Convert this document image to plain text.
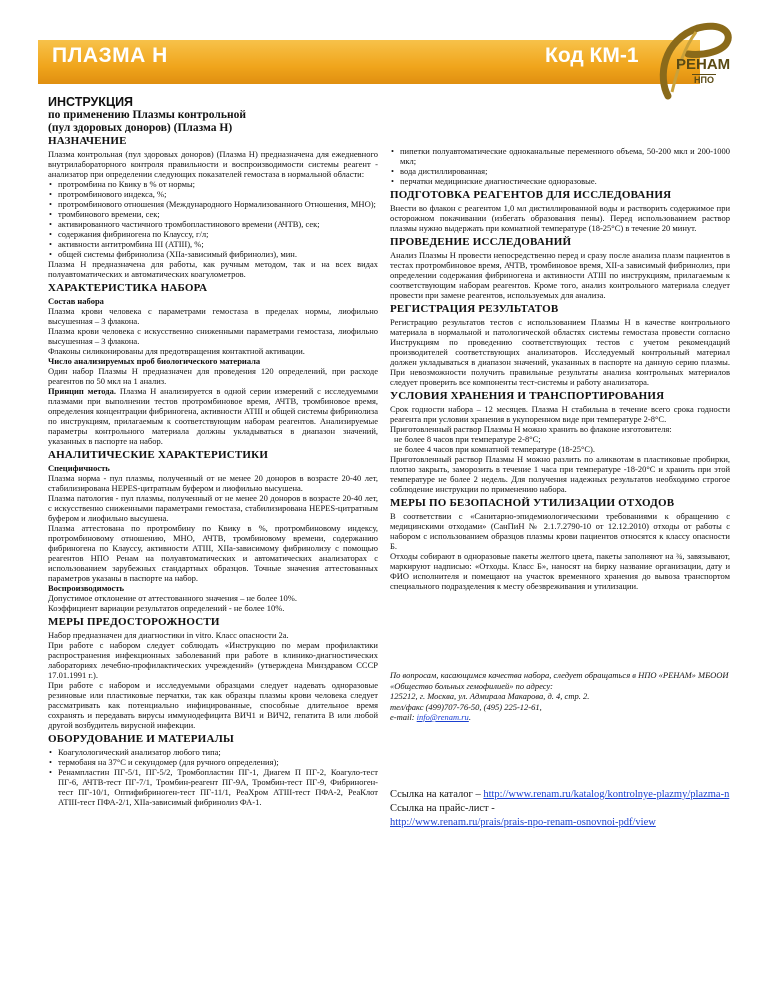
ПЛАЗМА Н	Код КМ-1 РЕНАМ
НПО
ИНСТРУКЦИЯ
по применению Плазмы контрольной
(пул здоровых доноров) (Плазма Н)
НАЗНАЧЕНИЕ

Плазма контрольная (пул здоровых доноров) (Плазма Н) предназначена для ежедневного внутрилабораторного контроля правильности и воспроизводимости системы реагент - анализатор при определении следующих показателей гемостаза в нормальной области:

• протромбина по Квику в % от нормы;
• протромбинового индекса, %;
• протромбинового отношения (Международного Нормализованного Отношения, МНО);
• тромбинового времени, сек;
• активированного частичного тромбопластинового времени (АЧТВ), сек;
• содержания фибриногена по Клауссу, г/л;
• активности антитромбина III (АТIII), %;
• общей системы фибринолиза (XIIа-зависимый фибринолиз), мин.

Плазма Н предназначена для работы, как ручным методом, так и на всех видах полуавтоматических и автоматических коагулометров.

ХАРАКТЕРИСТИКА НАБОРА

Состав набора

Плазма крови человека с параметрами гемостаза в пределах нормы, лиофильно высушенная – 3 флакона.

Плазма крови человека с искусственно сниженными параметрами гемостаза, лиофильно высушенная – 3 флакона.

Флаконы силиконированы для предотвращения контактной активации.

Число анализируемых проб биологического материала

Один набор Плазмы Н предназначен для проведения 120 определений, при расходе реагентов по 50 мкл на 1 анализ.

Принцип метода. Плазма Н анализируется в одной серии измерений с исследуемыми плазмами при выполнении тестов протромбиновое время, АЧТВ, тромбиновое время, определения концентрации фибриногена, активности АТIII и общей системы фибринолиза по инструкциям, прилагаемым к соответствующим наборам реагентов. Анализируемые параметры контрольного материала должны укладываться в диапазон значений, указанных в паспорте на набор.

АНАЛИТИЧЕСКИЕ ХАРАКТЕРИСТИКИ

Специфичность

Плазма норма - пул плазмы, полученный от не менее 20 доноров в возрасте 20-40 лет, стабилизирована HEPES-цитратным буфером и лиофильно высушена.

Плазма патология - пул плазмы, полученный от не менее 20 доноров в возрасте 20-40 лет, с искусственно сниженными параметрами гемостаза, стабилизирована HEPES-цитратным буфером и лиофильно высушена.

Плазма аттестована по протромбину по Квику в %, протромбиновому индексу, протромбиновому отношению, МНО, АЧТВ, тромбиновому времени, содержанию фибриногена по Клауссу, активности АТIII, XIIа-зависимому фибринолизу с помощью реагентов НПО Ренам на полуавтоматических и автоматических анализаторах с использованием зарубежных стандартных образцов. Точные значения аттестованных параметров указаны в паспорте на набор.

Воспроизводимость

Допустимое отклонение от аттестованного значения – не более 10%.

Коэффициент вариации результатов определений - не более 10%.

МЕРЫ ПРЕДОСТОРОЖНОСТИ

Набор предназначен для диагностики in vitro. Класс опасности 2а.

При работе с набором следует соблюдать «Инструкцию по мерам профилактики распространения инфекционных заболеваний при работе в клинико-диагностических лабораториях лечебно-профилактических учреждений» (утверждена Минздравом СССР 17.01.1991 г.).

При работе с набором и исследуемыми образцами следует надевать одноразовые резиновые или пластиковые перчатки, так как образцы плазмы крови человека следует рассматривать как потенциально инфицированные, способные длительное время сохранять и передавать вирусы иммунодефицита ВИЧ1 и ВИЧ2, гепатита В или любой другой возбудитель вирусной инфекции.

ОБОРУДОВАНИЕ И МАТЕРИАЛЫ
• Коагулологический анализатор любого типа;
• термобаня на 37°С и секундомер (для ручного определения);
• Ренампластин ПГ-5/1, ПГ-5/2, Тромбопластин ПГ-1, Диагем П ПГ-2, Коагуло-тест ПГ-6, АЧТВ-тест ПГ-7/1, Тромбин-реагент ПГ-9А, Тромбин-тест ПГ-9, Фибриноген-тест ПГ-10/1, Оптифибриноген-тест ПГ-11/1, РеаХром АТIII-тест ПФА-2, РеаКлот АТIII-тест ПФА-2/1, XIIа-зависимый фибринолиз ФА-1.
• пипетки полуавтоматические одноканальные переменного объема, 50-200 мкл и 200-1000 мкл;
• вода дистиллированная;
• перчатки медицинские диагностические одноразовые.
ПОДГОТОВКА РЕАГЕНТОВ ДЛЯ ИССЛЕДОВАНИЯ

Внести во флакон с реагентом 1,0 мл дистиллированной воды и растворить содержимое при осторожном покачивании (избегать образования пены). Перед использованием раствор плазмы нужно выдержать при комнатной температуре (18-25°С) в течение 20 минут.

ПРОВЕДЕНИЕ ИССЛЕДОВАНИЙ

Анализ Плазмы Н провести непосредственно перед и сразу после анализа плазм пациентов в тестах протромбиновое время, АЧТВ, тромбиновое время, XII-а зависимый фибринолиз, при определении содержания фибриногена и активности АТIII по инструкциям, прилагаемым к соответствующим наборам реагентов. Кроме того, анализ контрольного материала следует провести при замене реагентов, используемых для анализа.

РЕГИСТРАЦИЯ РЕЗУЛЬТАТОВ

Регистрацию результатов тестов с использованием Плазмы Н в качестве контрольного материала в нормальной и патологической областях системы гемостаза провести согласно Инструкциям по проведению соответствующих тестов с учетом рекомендаций производителей соответствующих анализаторов. Исследуемый контрольный материал должен укладываться в диапазон значений, указанных в паспорте на данную серию плазмы. При невозможности получить правильные результаты анализа контрольных материалов следует проверить все компоненты тест-системы и работу анализатора.

УСЛОВИЯ ХРАНЕНИЯ И ТРАНСПОРТИРОВАНИЯ

Срок годности набора – 12 месяцев. Плазма Н стабильна в течение всего срока годности реагента при условии хранения в укупоренном виде при температуре 2-8°С.

Приготовленный раствор Плазмы Н можно хранить во флаконе изготовителя:

не более 8 часов при температуре 2-8°С;

не более 4 часов при комнатной температуре (18-25°С).

Приготовленный раствор Плазмы Н можно разлить по аликвотам в пластиковые пробирки, плотно закрыть, заморозить в течение 1 часа при температуре -18-20°С и хранить при этой температуре не более 2 недель. Для получения надежных результатов необходимо строгое соблюдение инструкции по применению набора.

МЕРЫ ПО БЕЗОПАСНОЙ УТИЛИЗАЦИИ ОТХОДОВ

В соответствии с «Санитарно-эпидемиологическими требованиями к обращению с медицинскими отходами» (СанПиН № 2.1.7.2790-10 от 12.12.2010) отходы от работы с набором с использованием образцов плазмы крови пациентов относятся к классу опасности Б.

Отходы собирают в одноразовые пакеты желтого цвета, пакеты заполняют на ¾, завязывают, маркируют надписью: «Отходы. Класс Б», наносят на бирку название организации, дату и ФИО исполнителя и помещают на участок временного хранения до вывоза транспортом специального подразделения к месту обезвреживания и утилизации.

По вопросам, касающимся качества набора, следует обращаться в НПО «РЕНАМ» МБООИ «Общество больных гемофилией» по адресу:
125212, г. Москва, ул. Адмирала Макарова, д. 4, стр. 2.
тел/факс (499)707-76-50, (495) 225-12-61,
e-mail: info@renam.ru.
Ссылка на каталог – http://www.renam.ru/katalog/kontrolnye-plazmy/plazma-n
Ссылка на прайс-лист -
http://www.renam.ru/prais/prais-npo-renam-osnovnoi-pdf/view
